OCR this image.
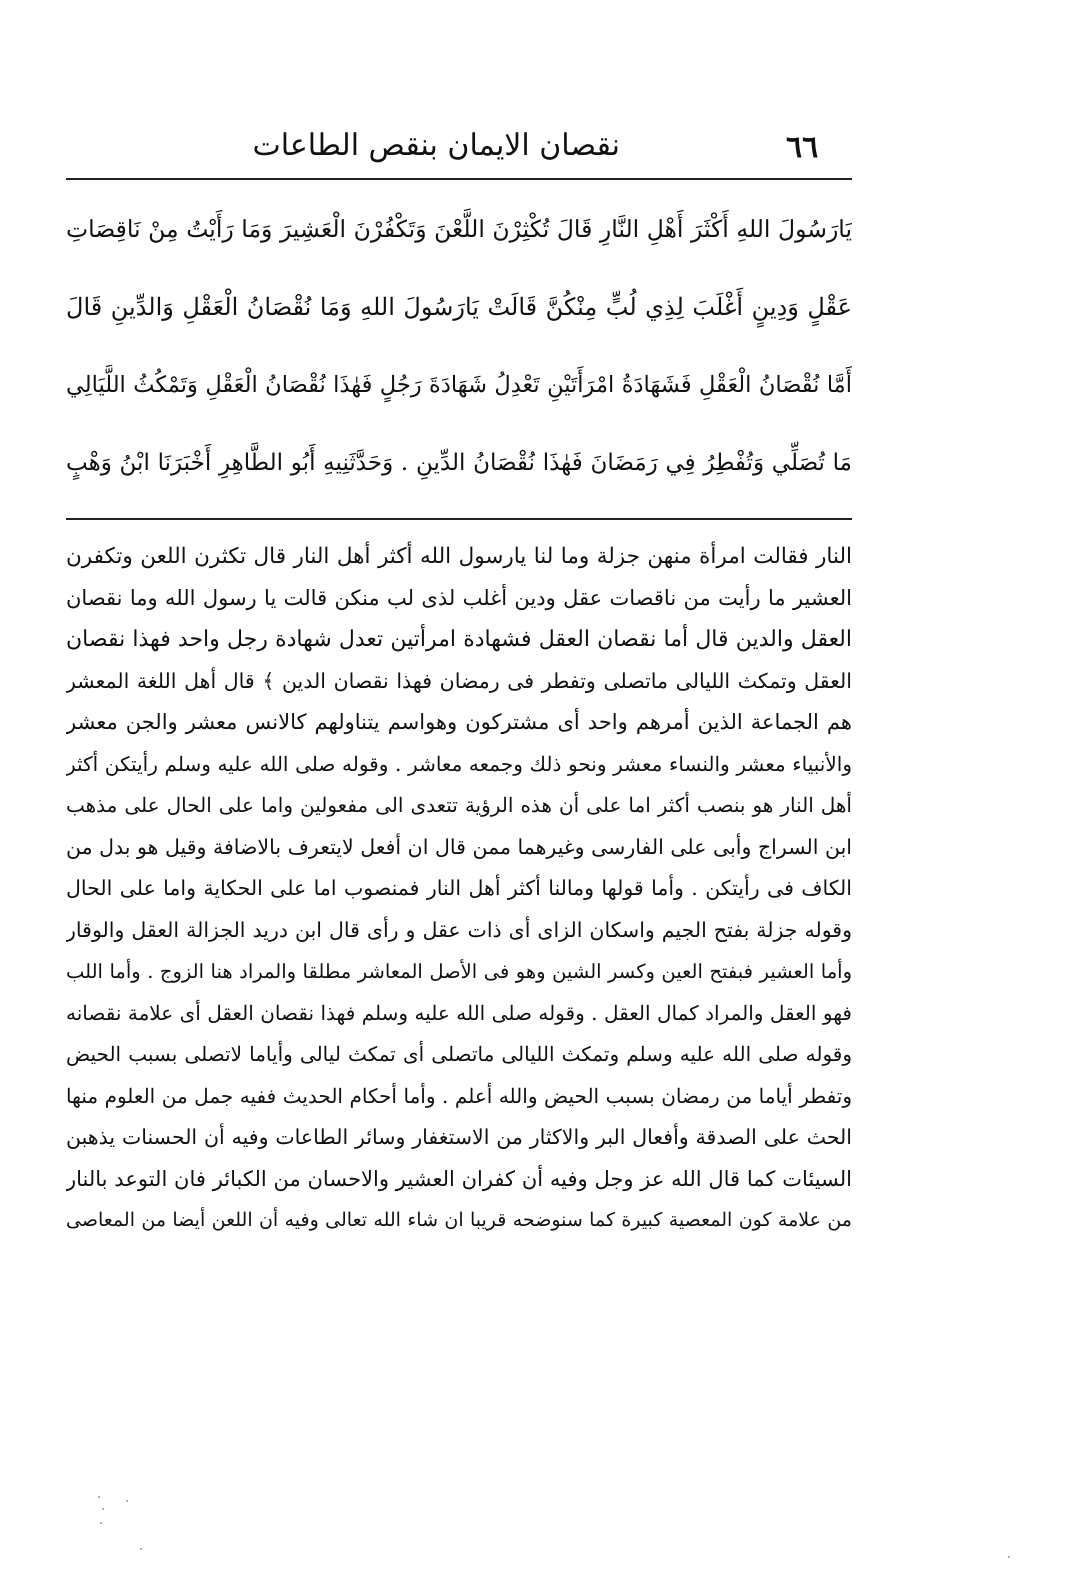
نقصان الايمان بنقص الطاعات	٦٦
يَارَسُولَ اللهِ أَكْثَرَ أَهْلِ النَّارِ قَالَ تُكْثِرْنَ اللَّعْنَ وَتَكْفُرْنَ الْعَشِيرَ وَمَا رَأَيْتُ مِنْ نَاقِصَاتِ
عَقْلٍ وَدِينٍ أَغْلَبَ لِذِي لُبٍّ مِنْكُنَّ قَالَتْ يَارَسُولَ اللهِ وَمَا نُقْصَانُ الْعَقْلِ وَالدِّينِ قَالَ
أَمَّا نُقْصَانُ الْعَقْلِ فَشَهَادَةُ امْرَأَتَيْنِ تَعْدِلُ شَهَادَةَ رَجُلٍ فَهٰذَا نُقْصَانُ الْعَقْلِ وَتَمْكُثُ اللَّيَالِي
مَا تُصَلِّي وَتُفْطِرُ فِي رَمَضَانَ فَهٰذَا نُقْصَانُ الدِّينِ . وَحَدَّثَنِيهِ أَبُو الطَّاهِرِ أَخْبَرَنَا ابْنُ وَهْبٍ
النار فقالت امرأة منهن جزلة وما لنا يارسول الله أكثر أهل النار قال تكثرن اللعن وتكفرن
العشير ما رأيت من ناقصات عقل ودين أغلب لذى لب منكن قالت يا رسول الله وما نقصان
العقل والدين قال أما نقصان العقل فشهادة امرأتين تعدل شهادة رجل واحد فهذا نقصان
العقل وتمكث الليالى ماتصلى وتفطر فى رمضان فهذا نقصان الدين ﴾ قال أهل اللغة المعشر
هم الجماعة الذين أمرهم واحد أى مشتركون وهواسم يتناولهم كالانس معشر والجن معشر
والأنبياء معشر والنساء معشر ونحو ذلك وجمعه معاشر . وقوله صلى الله عليه وسلم رأيتكن أكثر
أهل النار هو بنصب أكثر اما على أن هذه الرؤية تتعدى الى مفعولين واما على الحال على مذهب
ابن السراج وأبى على الفارسى وغيرهما ممن قال ان أفعل لايتعرف بالاضافة وقيل هو بدل من
الكاف فى رأيتكن . وأما قولها ومالنا أكثر أهل النار فمنصوب اما على الحكاية واما على الحال
وقوله جزلة بفتح الجيم واسكان الزاى أى ذات عقل و رأى قال ابن دريد الجزالة العقل والوقار
وأما العشير فبفتح العين وكسر الشين وهو فى الأصل المعاشر مطلقا والمراد هنا الزوج . وأما اللب
فهو العقل والمراد كمال العقل . وقوله صلى الله عليه وسلم فهذا نقصان العقل أى علامة نقصانه
وقوله صلى الله عليه وسلم وتمكث الليالى ماتصلى أى تمكث ليالى وأياما لاتصلى بسبب الحيض
وتفطر أياما من رمضان بسبب الحيض والله أعلم . وأما أحكام الحديث ففيه جمل من العلوم منها
الحث على الصدقة وأفعال البر والاكثار من الاستغفار وسائر الطاعات وفيه أن الحسنات يذهبن
السيئات كما قال الله عز وجل وفيه أن كفران العشير والاحسان من الكبائر فان التوعد بالنار
من علامة كون المعصية كبيرة كما سنوضحه قريبا ان شاء الله تعالى وفيه أن اللعن أيضا من المعاصى
